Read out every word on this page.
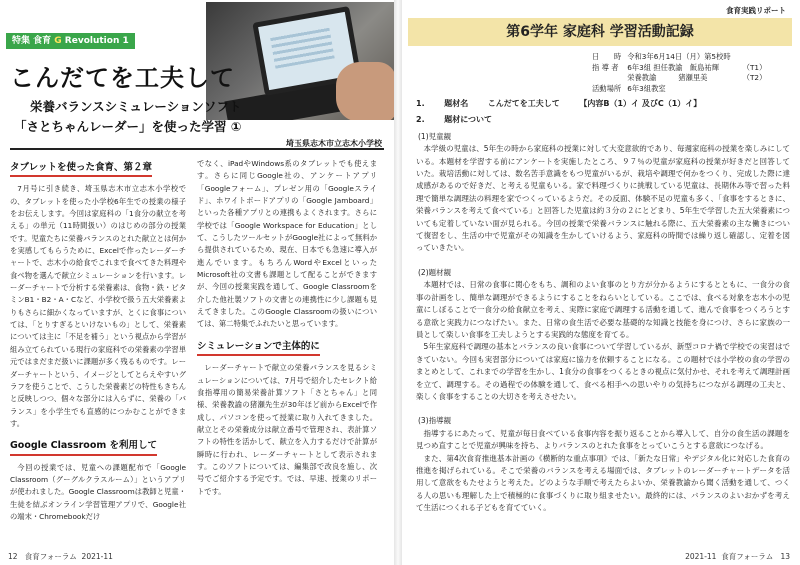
特集 食育 G Revolution 1
こんだてを工夫して
栄養バランスシミュレーションソフト
「さとちゃんレーダー」を使った学習 ①
埼玉県志木市立志木小学校
タブレットを使った食育、第２章

7月号に引き続き、埼玉県志木市立志木小学校での、タブレットを使った小学校6年生での授業の様子をお伝えします。今回は家庭科の「1食分の献立を考える」の単元（11時間扱い）のはじめの部分の授業です。児童たちに栄養バランスのとれた献立とは何かを実感してもらうために、Excelで作ったレーダーチャートで、志木小の給食でこれまで食べてきた料理や食べ物を選んで献立シミュレーションを行います。レーダーチャートで分析する栄養素は、食物・鉄・ビタミンB1・B2・A・Cなど、小学校で扱う五大栄養素よりもさらに細かくなっていますが、とくに食事については、「とりすぎるといけないもの」として、栄養素については主に「不足を補う」という視点から学習が組み立てられている現行の家庭科での栄養素の学習単元ではまだまだ扱いに課題が多く残るものです。レーダーチャートという、イメージとしてとらえやすいグラフを使うことで、こうした栄養素どの特性もきちんと反映しつつ、個々な部分には入らずに、栄養の「バランス」を小学生でも直感的につかむことができます。

Google Classroom を利用して

今回の授業では、児童への課題配布で「Google Classroom（グーグルクラスルーム）」というアプリが使われました。Google Classroomは教師と児童・生徒を結ぶオンライン学習管理アプリで、Google社の端末・Chromebookだけ

でなく、iPadやWindows系のタブレットでも使えます。さらに同じGoogle社の、アンケートアプリ「Googleフォーム」、プレゼン用の「Googleスライド」、ホワイトボードアプリの「Google Jamboard」といった各種アプリとの連携もよくされます。さらに学校では「Google Workspace for Education」として、こうしたツールセットがGoogle社によって無料から提供されているため、現在、日本でも急速に導入が進んでいます。もちろんWordやExcelといったMicrosoft社の文書も課題として配ることができますが、今回の授業実践を通して、Google Classroomを介した他社製ソフトの文書との連携性に少し課題も見えてきました。このGoogle Classroomの扱いについては、第二特集でふれたいと思っています。

シミュレーションで主体的に

レーダーチャートで献立の栄養バランスを見るシミュレーションについては、7月号で紹介したセレクト給食指導用の簡易栄養計算ソフト「さとちゃん」と同様、栄養教諭の猪瀬先生が30年ほど前からExcelで作成し、パソコンを使って授業に取り入れてきました。献立とその栄養成分は献立番号で管理され、表計算ソフトの特性を活かして、献立を入力するだけで計算が瞬時に行われ、レーダーチャートとして表示されます。このソフトについては、編集部で改良を施し、次号でご紹介する予定です。では、早速、授業のリポートです。

12 食育フォーラム 2021-11
食育実践リポート
第6学年 家庭科 学習活動記録
日　　時	令和3年6月14日（月）第5校時	
指 導 者	6年3組 担任教諭　飯島祐輝	（T1）
	栄養教諭　　　猪瀬里美	（T2）
活動場所	6年3組教室	
1. 題材名 こんだてを工夫して 【内容B（1）イ 及びC（1）イ】
2. 題材について
(1)児童観

本学級の児童は、5年生の時から家庭科の授業に対して大変意欲的であり、毎週家庭科の授業を楽しみにしている。本題材を学習する前にアンケートを実施したところ、９７％の児童が家庭科の授業が好きだと回答していた。栽培活動に対しては、数名苦手意識をもつ児童がいるが、栽培や調理で何かをつくり、完成した際に達成感があるので好きだ、と考える児童もいる。家で料理づくりに挑戦している児童は、長期休み等で習った料理で簡単な調理法の料理を家でつくっているようだ。その反面、体験不足の児童も多く、「食事をするときに、栄養バランスを考えて食べている」と回答した児童は約３分の２にとどまり、5年生で学習した五大栄養素についても定着していない面が見られる。今回の授業で栄養バランスに触れる際に、五大栄養素の主な働きについて復習をし、生活の中で児童がその知識を生かしていけるよう、家庭科の時間では繰り返し確認し、定着を図っていきたい。

(2)題材観

本題材では、日常の食事に関心をもち、調和のよい食事のとり方が分かるようにするとともに、一食分の食事の計画をし、簡単な調理ができるようにすることをねらいとしている。ここでは、食べる対象を志木小の児童にしぼることで一食分の給食献立を考え、実際に家庭で調理する活動を通して、進んで食事をつくろうとする意欲と実践力につなげたい。また、日常の食生活で必要な基礎的な知識と技能を身につけ、さらに家族の一員として楽しい食事を工夫しようとする実践的な態度を育てる。

5年生家庭科で調理の基本とバランスの良い食事について学習しているが、新型コロナ禍で学校での実習はできていない。今回も実習部分については家庭に協力を依頼することになる。この題材では小学校の食の学習のまとめとして、これまでの学習を生かし、1食分の食事をつくるときの視点に気付かせ、それを考えて調理計画を立て、調理する。その過程での体験を通して、食べる相手への思いやりの気持ちにつながる調理の工夫と、楽しく食事をすることの大切さを考えさせたい。

(3)指導観

指導するにあたって、児童が毎日食べている食事内容を振り返ることから導入して、自分の食生活の課題を見つめ直すことで児童が興味を持ち、よりバランスのとれた食事をとっていこうとする意欲につなげる。

また、第4次食育推進基本計画の《横断的な重点事項》では、「新たな日常」やデジタル化に対応した食育の推進を掲げられている。そこで栄養のバランスを考える場面では、タブレットのレーダーチャートデータを活用して意欲をもたせようと考えた。どのような手順で考えたらよいか、栄養教諭から聞く活動を通して、つくる人の思いも理解した上で積極的に食事づくりに取り組ませたい。最終的には、バランスのよいおかずを考えて生活につくれる子どもを育てていく。

2021-11 食育フォーラム 13
